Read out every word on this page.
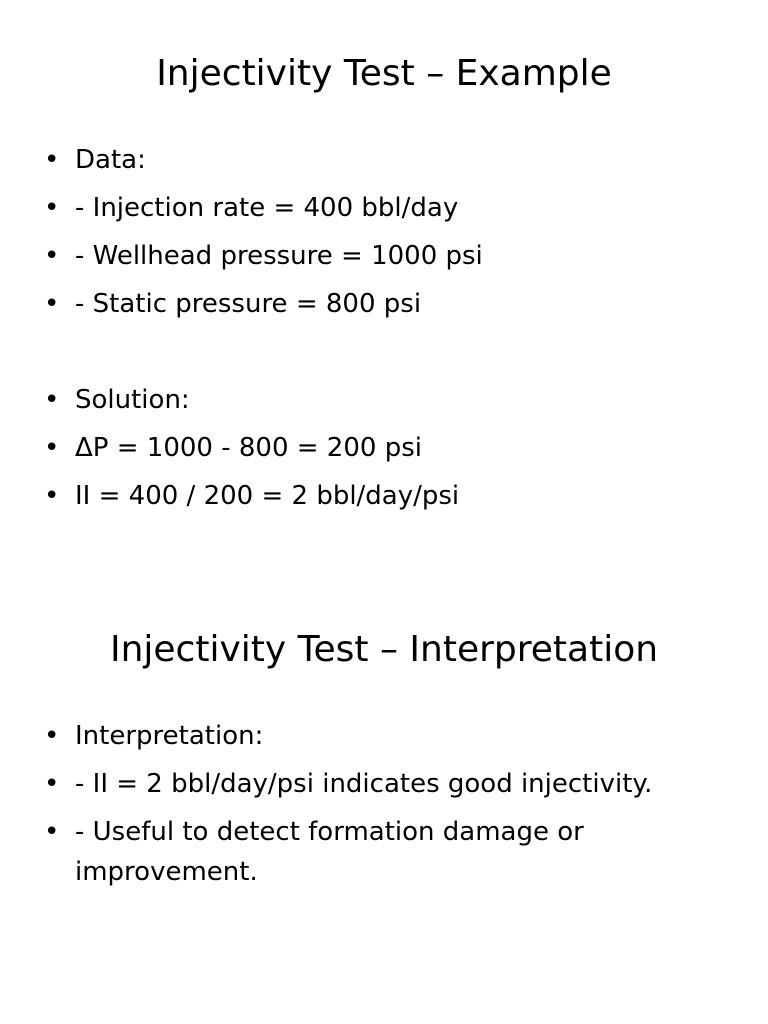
Injectivity Test – Example
• Data:
• - Injection rate = 400 bbl/day
• - Wellhead pressure = 1000 psi
• - Static pressure = 800 psi
• Solution:
• ΔP = 1000 - 800 = 200 psi
• II = 400 / 200 = 2 bbl/day/psi
Injectivity Test – Interpretation
• Interpretation:
• - II = 2 bbl/day/psi indicates good injectivity.
• - Useful to detect formation damage or improvement.
